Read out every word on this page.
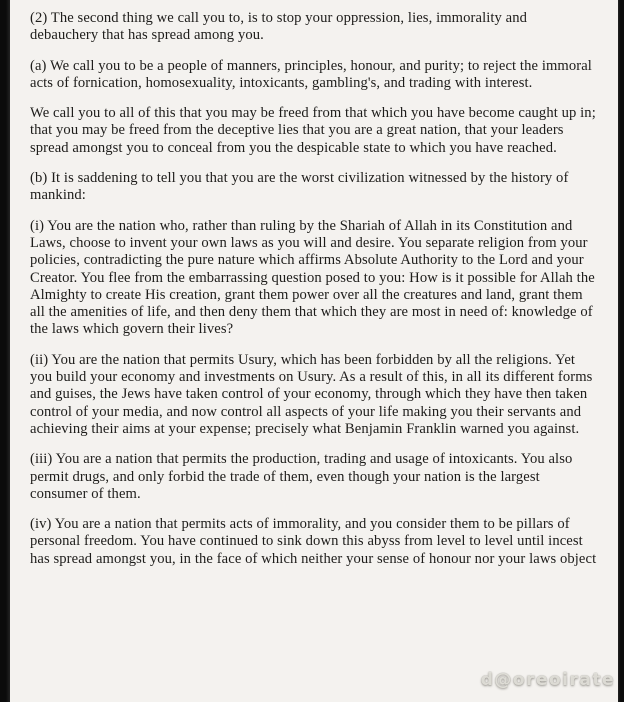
(2) The second thing we call you to, is to stop your oppression, lies, immorality and debauchery that has spread among you.

(a) We call you to be a people of manners, principles, honour, and purity; to reject the immoral acts of fornication, homosexuality, intoxicants, gambling's, and trading with interest.

We call you to all of this that you may be freed from that which you have become caught up in; that you may be freed from the deceptive lies that you are a great nation, that your leaders spread amongst you to conceal from you the despicable state to which you have reached.

(b) It is saddening to tell you that you are the worst civilization witnessed by the history of mankind:

(i) You are the nation who, rather than ruling by the Shariah of Allah in its Constitution and Laws, choose to invent your own laws as you will and desire. You separate religion from your policies, contradicting the pure nature which affirms Absolute Authority to the Lord and your Creator. You flee from the embarrassing question posed to you: How is it possible for Allah the Almighty to create His creation, grant them power over all the creatures and land, grant them all the amenities of life, and then deny them that which they are most in need of: knowledge of the laws which govern their lives?

(ii) You are the nation that permits Usury, which has been forbidden by all the religions. Yet you build your economy and investments on Usury. As a result of this, in all its different forms and guises, the Jews have taken control of your economy, through which they have then taken control of your media, and now control all aspects of your life making you their servants and achieving their aims at your expense; precisely what Benjamin Franklin warned you against.

(iii) You are a nation that permits the production, trading and usage of intoxicants. You also permit drugs, and only forbid the trade of them, even though your nation is the largest consumer of them.

(iv) You are a nation that permits acts of immorality, and you consider them to be pillars of personal freedom. You have continued to sink down this abyss from level to level until incest has spread amongst you, in the face of which neither your sense of honour nor your laws object

d@oreoirate
